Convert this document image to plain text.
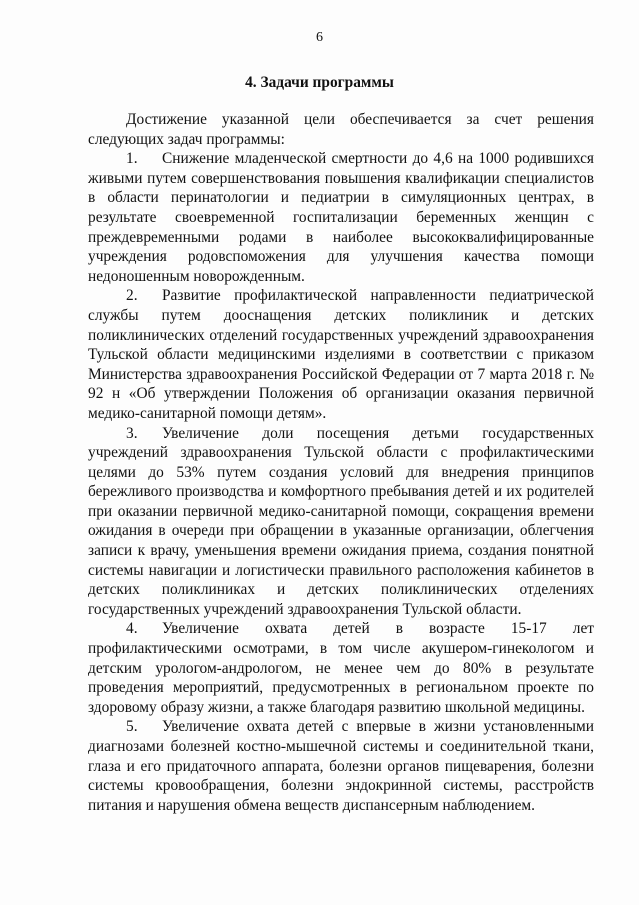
6
4. Задачи программы

Достижение указанной цели обеспечивается за счет решения следующих задач программы:

1. Снижение младенческой смертности до 4,6 на 1000 родившихся живыми путем совершенствования повышения квалификации специалистов в области перинатологии и педиатрии в симуляционных центрах, в результате своевременной госпитализации беременных женщин с преждевременными родами в наиболее высококвалифицированные учреждения родовспоможения для улучшения качества помощи недоношенным новорожденным.

2. Развитие профилактической направленности педиатрической службы путем дооснащения детских поликлиник и детских поликлинических отделений государственных учреждений здравоохранения Тульской области медицинскими изделиями в соответствии с приказом Министерства здравоохранения Российской Федерации от 7 марта 2018 г. № 92 н «Об утверждении Положения об организации оказания первичной медико-санитарной помощи детям».

3. Увеличение доли посещения детьми государственных учреждений здравоохранения Тульской области с профилактическими целями до 53% путем создания условий для внедрения принципов бережливого производства и комфортного пребывания детей и их родителей при оказании первичной медико-санитарной помощи, сокращения времени ожидания в очереди при обращении в указанные организации, облегчения записи к врачу, уменьшения времени ожидания приема, создания понятной системы навигации и логистически правильного расположения кабинетов в детских поликлиниках и детских поликлинических отделениях государственных учреждений здравоохранения Тульской области.

4. Увеличение охвата детей в возрасте 15-17 лет профилактическими осмотрами, в том числе акушером-гинекологом и детским урологом-андрологом, не менее чем до 80% в результате проведения мероприятий, предусмотренных в региональном проекте по здоровому образу жизни, а также благодаря развитию школьной медицины.

5. Увеличение охвата детей с впервые в жизни установленными диагнозами болезней костно-мышечной системы и соединительной ткани, глаза и его придаточного аппарата, болезни органов пищеварения, болезни системы кровообращения, болезни эндокринной системы, расстройств питания и нарушения обмена веществ диспансерным наблюдением.
